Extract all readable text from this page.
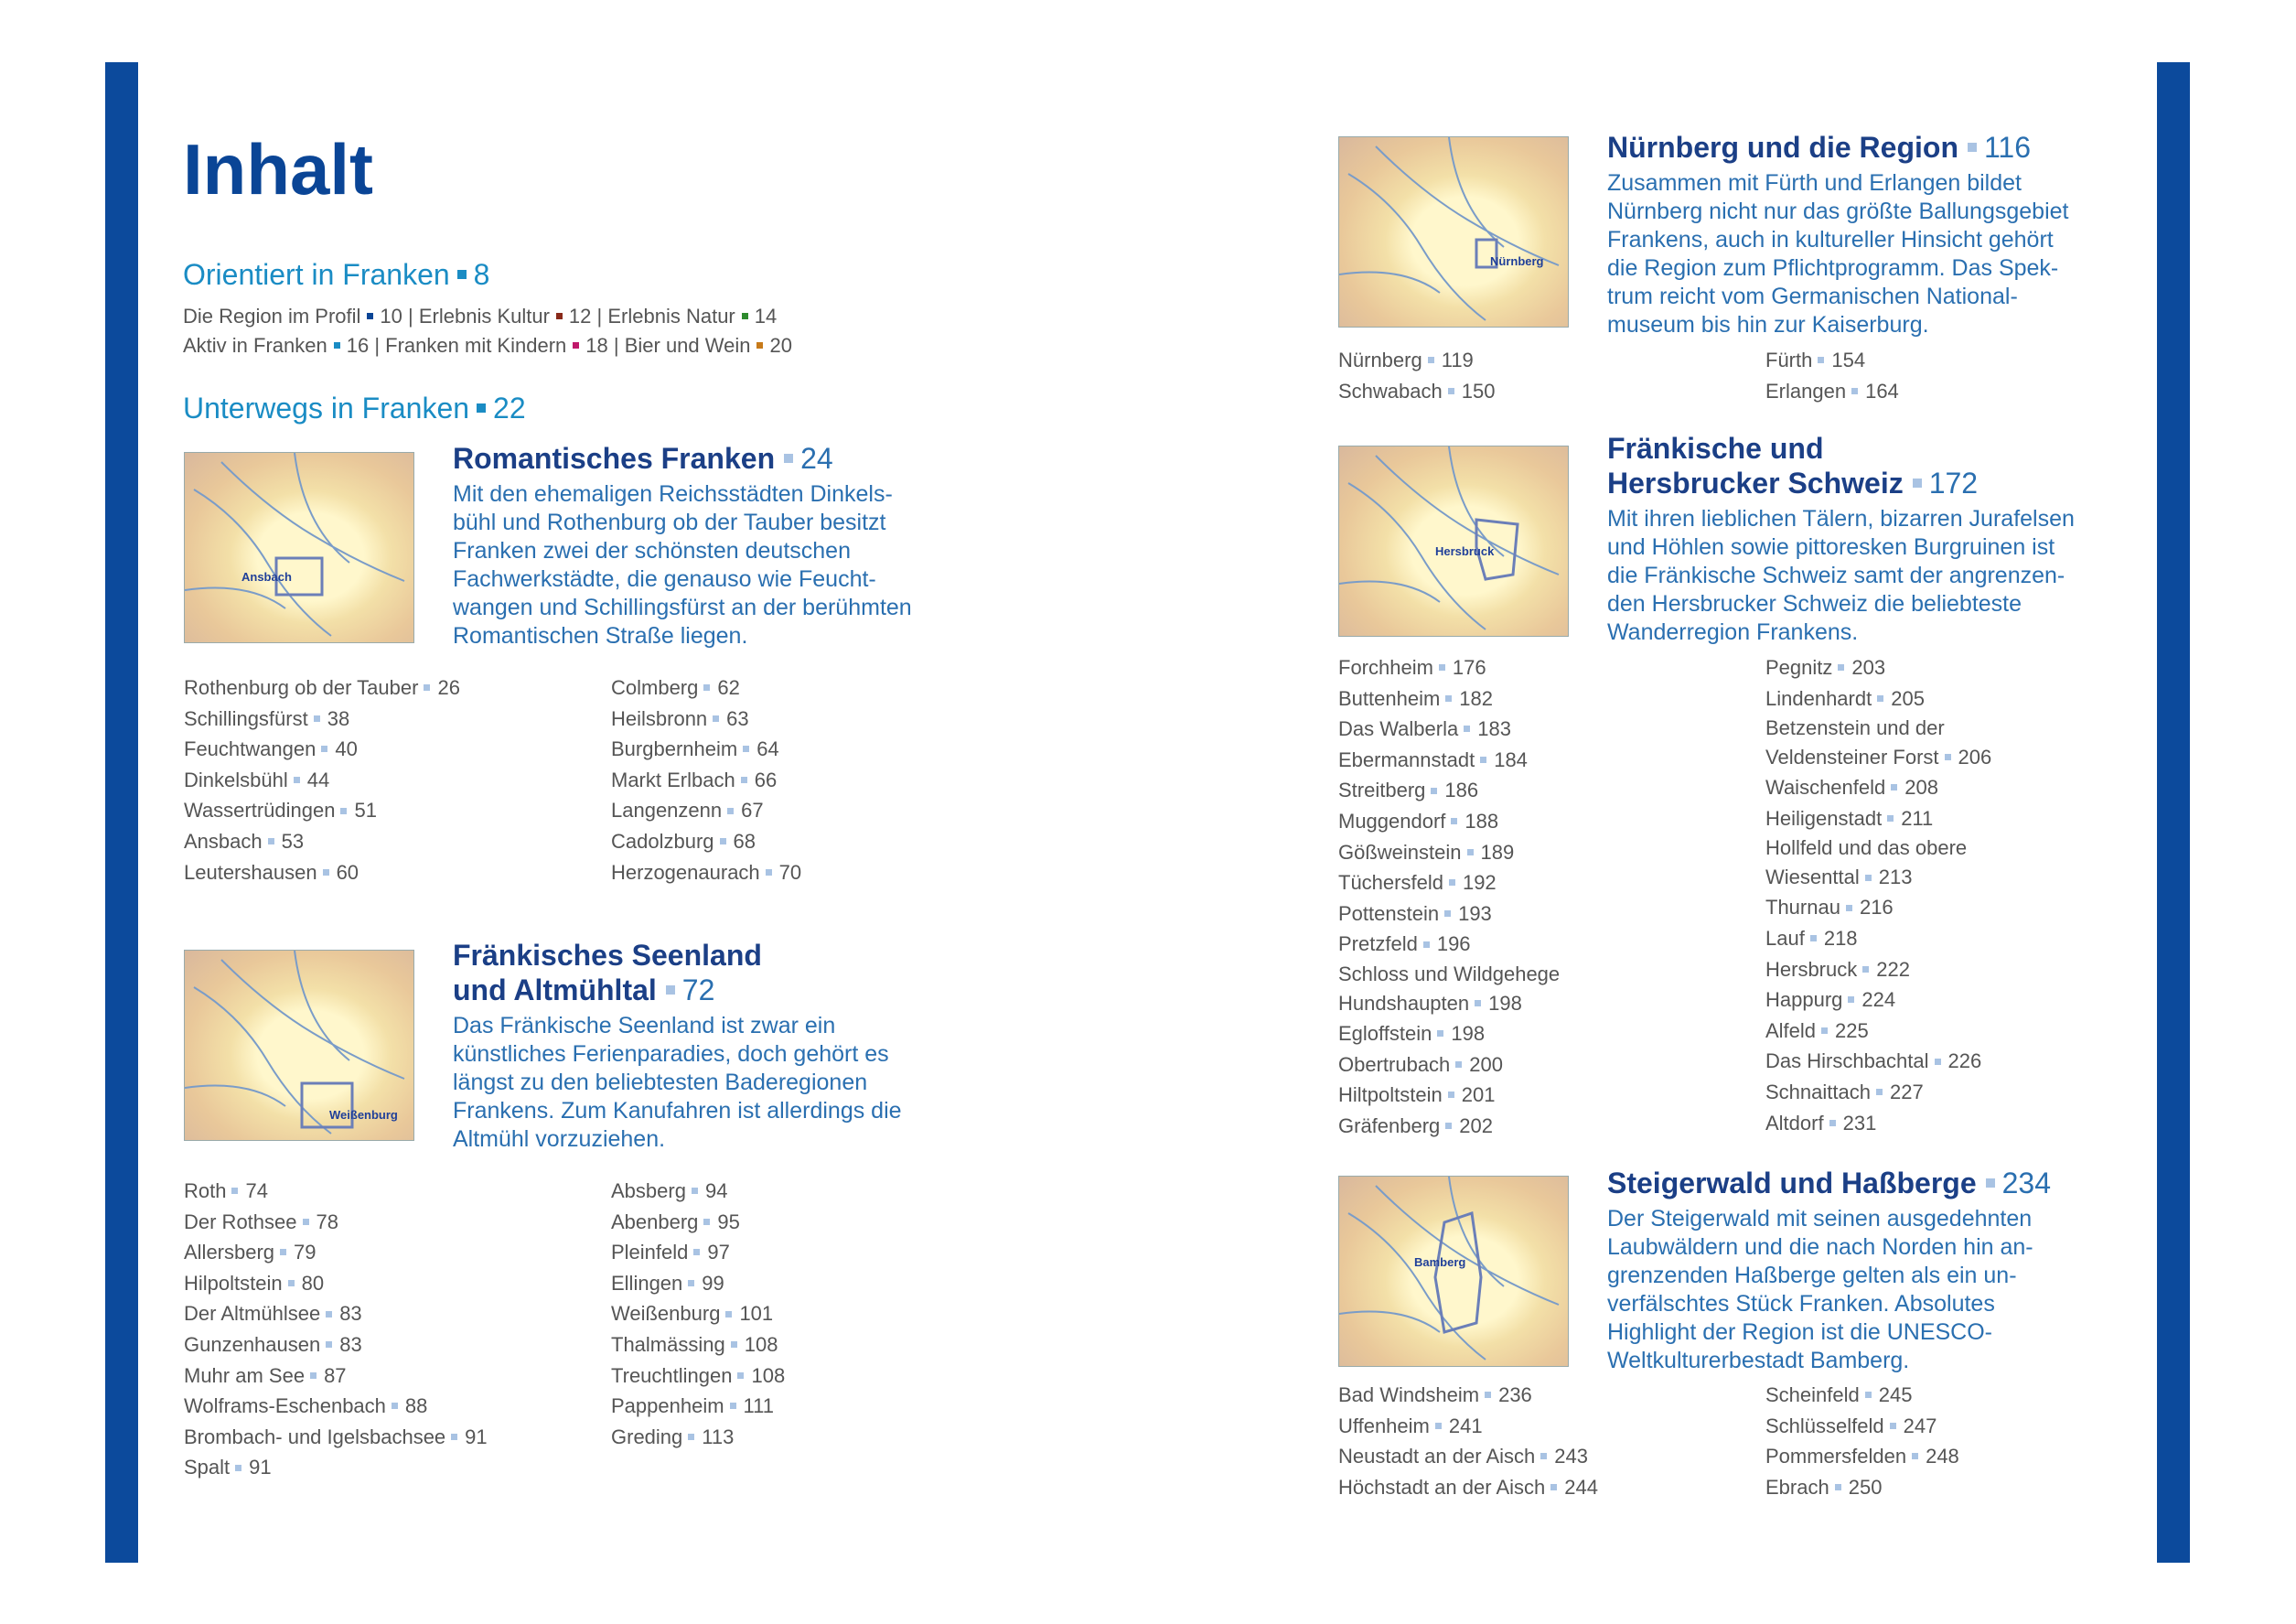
Inhalt
Orientiert in Franken 8
Die Region im Profil 10 | Erlebnis Kultur 12 | Erlebnis Natur 14
Aktiv in Franken 16 | Franken mit Kindern 18 | Bier und Wein 20
Unterwegs in Franken 22
Ansbach
Romantisches Franken 24
Mit den ehemaligen Reichsstädten Dinkels-
bühl und Rothenburg ob der Tauber besitzt
Franken zwei der schönsten deutschen
Fachwerkstädte, die genauso wie Feucht-
wangen und Schillingsfürst an der berühmten
Romantischen Straße liegen.
Rothenburg ob der Tauber 26
Schillingsfürst 38
Feuchtwangen 40
Dinkelsbühl 44
Wassertrüdingen 51
Ansbach 53
Leutershausen 60
Colmberg 62
Heilsbronn 63
Burgbernheim 64
Markt Erlbach 66
Langenzenn 67
Cadolzburg 68
Herzogenaurach 70
Weißenburg
Fränkisches Seenland
und Altmühltal 72
Das Fränkische Seenland ist zwar ein
künstliches Ferienparadies, doch gehört es
längst zu den beliebtesten Baderegionen
Frankens. Zum Kanufahren ist allerdings die
Altmühl vorzuziehen.
Roth 74
Der Rothsee 78
Allersberg 79
Hilpoltstein 80
Der Altmühlsee 83
Gunzenhausen 83
Muhr am See 87
Wolframs-Eschenbach 88
Brombach- und Igelsbachsee 91
Spalt 91
Absberg 94
Abenberg 95
Pleinfeld 97
Ellingen 99
Weißenburg 101
Thalmässing 108
Treuchtlingen 108
Pappenheim 111
Greding 113
Nürnberg
Nürnberg und die Region 116
Zusammen mit Fürth und Erlangen bildet
Nürnberg nicht nur das größte Ballungsgebiet
Frankens, auch in kultureller Hinsicht gehört
die Region zum Pflichtprogramm. Das Spek-
trum reicht vom Germanischen National-
museum bis hin zur Kaiserburg.
Nürnberg 119
Schwabach 150
Fürth 154
Erlangen 164
Hersbruck
Fränkische und
Hersbrucker Schweiz 172
Mit ihren lieblichen Tälern, bizarren Jurafelsen
und Höhlen sowie pittoresken Burgruinen ist
die Fränkische Schweiz samt der angrenzen-
den Hersbrucker Schweiz die beliebteste
Wanderregion Frankens.
Forchheim 176
Buttenheim 182
Das Walberla 183
Ebermannstadt 184
Streitberg 186
Muggendorf 188
Gößweinstein 189
Tüchersfeld 192
Pottenstein 193
Pretzfeld 196
Schloss und Wildgehege
Hundshaupten 198
Egloffstein 198
Obertrubach 200
Hiltpoltstein 201
Gräfenberg 202
Pegnitz 203
Lindenhardt 205
Betzenstein und der
Veldensteiner Forst 206
Waischenfeld 208
Heiligenstadt 211
Hollfeld und das obere
Wiesenttal 213
Thurnau 216
Lauf 218
Hersbruck 222
Happurg 224
Alfeld 225
Das Hirschbachtal 226
Schnaittach 227
Altdorf 231
Bamberg
Steigerwald und Haßberge 234
Der Steigerwald mit seinen ausgedehnten
Laubwäldern und die nach Norden hin an-
grenzenden Haßberge gelten als ein un-
verfälschtes Stück Franken. Absolutes
Highlight der Region ist die UNESCO-
Weltkulturerbestadt Bamberg.
Bad Windsheim 236
Uffenheim 241
Neustadt an der Aisch 243
Höchstadt an der Aisch 244
Scheinfeld 245
Schlüsselfeld 247
Pommersfelden 248
Ebrach 250
